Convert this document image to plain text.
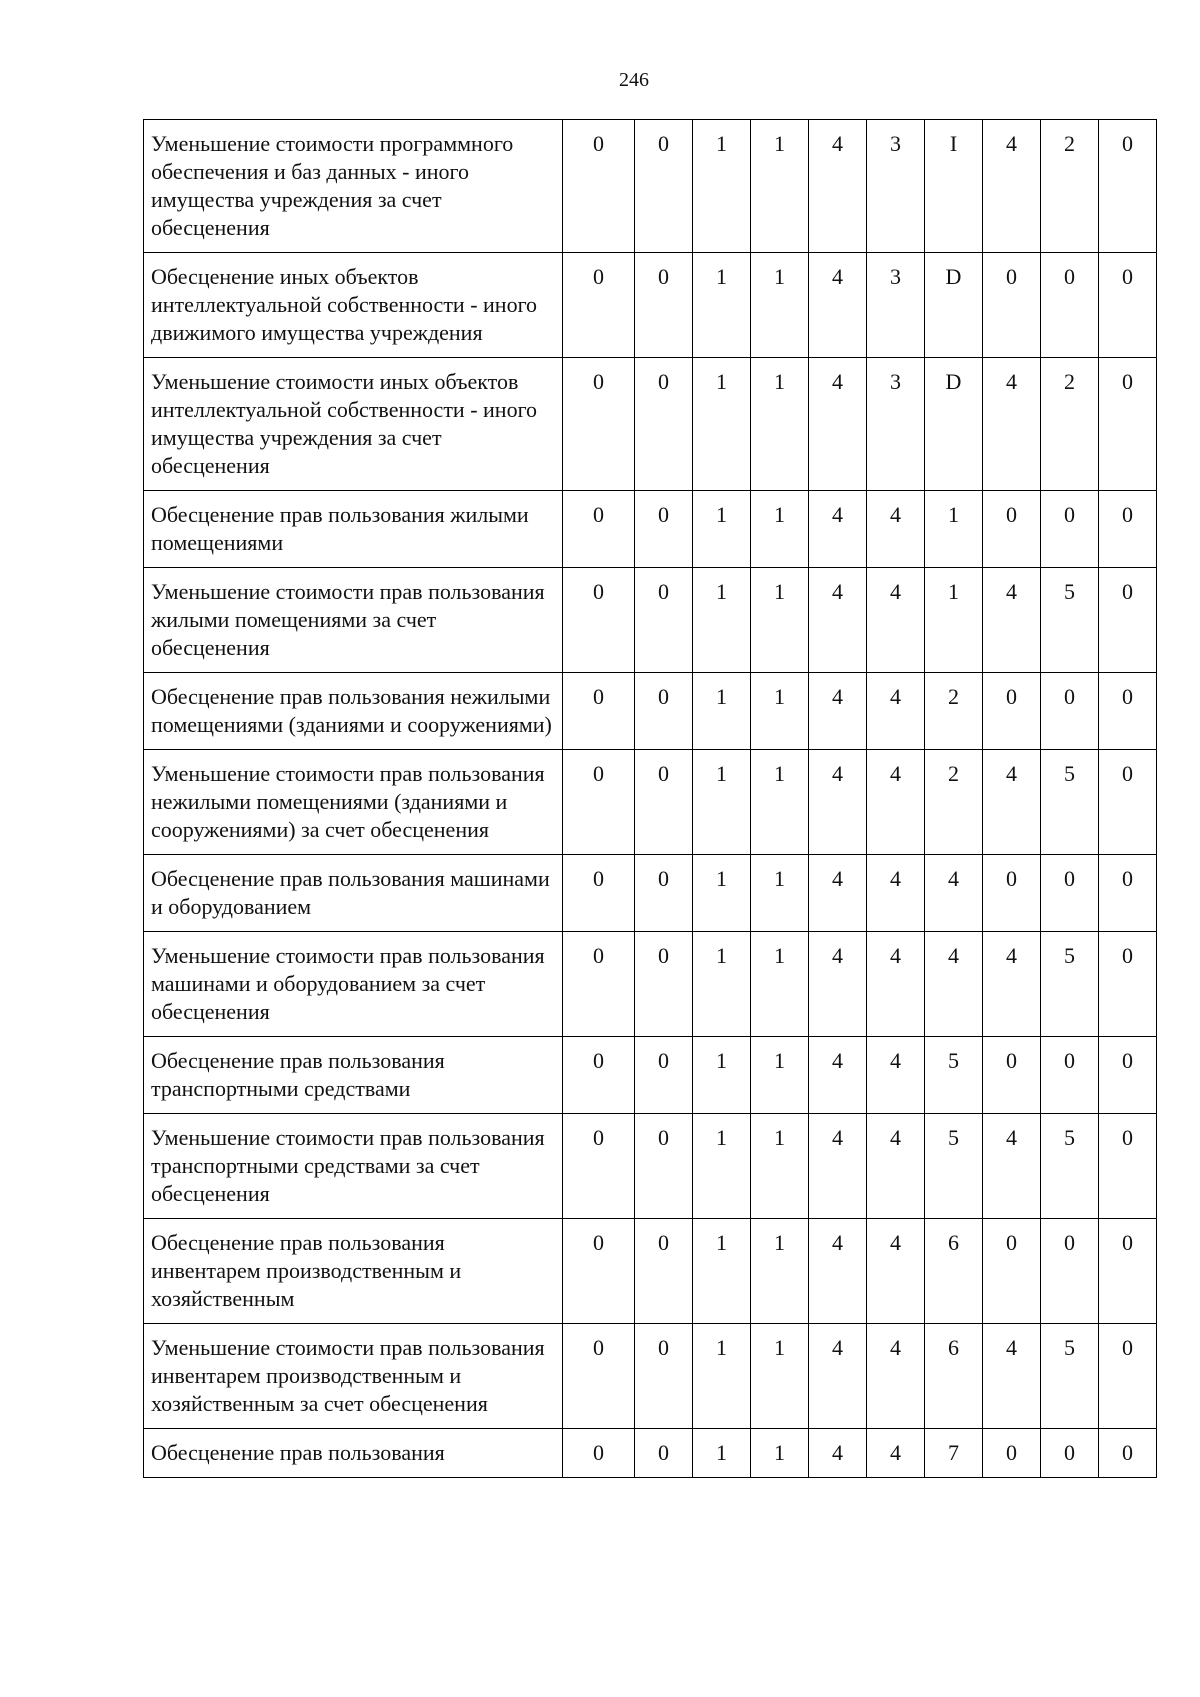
246
Уменьшение стоимости программного обеспечения и баз данных - иного имущества учреждения за счет обесценения	0	0	1	1	4	3	I	4	2	0
Обесценение иных объектов интеллектуальной собственности - иного движимого имущества учреждения	0	0	1	1	4	3	D	0	0	0
Уменьшение стоимости иных объектов интеллектуальной собственности - иного имущества учреждения за счет обесценения	0	0	1	1	4	3	D	4	2	0
Обесценение прав пользования жилыми помещениями	0	0	1	1	4	4	1	0	0	0
Уменьшение стоимости прав пользования жилыми помещениями за счет обесценения	0	0	1	1	4	4	1	4	5	0
Обесценение прав пользования нежилыми помещениями (зданиями и сооружениями)	0	0	1	1	4	4	2	0	0	0
Уменьшение стоимости прав пользования нежилыми помещениями (зданиями и сооружениями) за счет обесценения	0	0	1	1	4	4	2	4	5	0
Обесценение прав пользования машинами и оборудованием	0	0	1	1	4	4	4	0	0	0
Уменьшение стоимости прав пользования машинами и оборудованием за счет обесценения	0	0	1	1	4	4	4	4	5	0
Обесценение прав пользования транспортными средствами	0	0	1	1	4	4	5	0	0	0
Уменьшение стоимости прав пользования транспортными средствами за счет обесценения	0	0	1	1	4	4	5	4	5	0
Обесценение прав пользования инвентарем производственным и хозяйственным	0	0	1	1	4	4	6	0	0	0
Уменьшение стоимости прав пользования инвентарем производственным и хозяйственным за счет обесценения	0	0	1	1	4	4	6	4	5	0
Обесценение прав пользования	0	0	1	1	4	4	7	0	0	0
